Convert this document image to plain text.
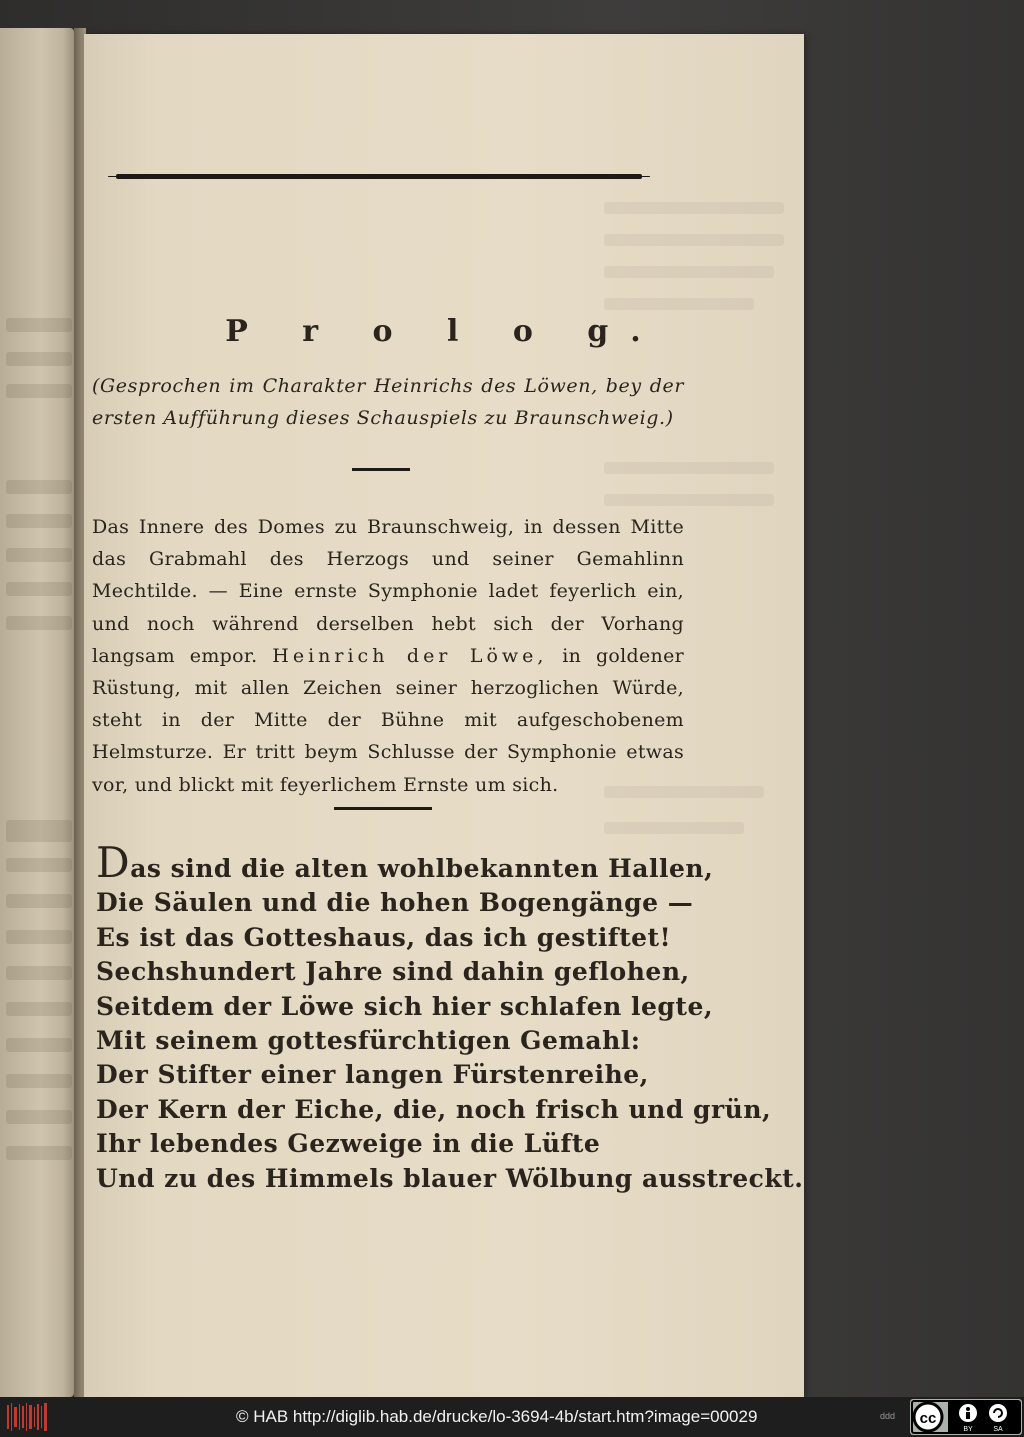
P r o l o g.
(Gesprochen im Charakter Heinrichs des Löwen, bey der ersten Aufführung dieses Schauspiels zu Braunschweig.)
Das Innere des Domes zu Braunschweig, in dessen Mitte das Grabmahl des Herzogs und seiner Gemahlinn Mechtilde. — Eine ernste Symphonie ladet feyerlich ein, und noch während derselben hebt sich der Vorhang langsam empor. Heinrich der Löwe, in goldener Rüstung, mit allen Zeichen seiner herzoglichen Würde, steht in der Mitte der Bühne mit aufgeschobenem Helmsturze. Er tritt beym Schlusse der Symphonie etwas vor, und blickt mit feyerlichem Ernste um sich.
Das sind die alten wohlbekannten Hallen,
Die Säulen und die hohen Bogengänge —
Es ist das Gotteshaus, das ich gestiftet!
Sechshundert Jahre sind dahin geflohen,
Seitdem der Löwe sich hier schlafen legte,
Mit seinem gottesfürchtigen Gemahl:
Der Stifter einer langen Fürstenreihe,
Der Kern der Eiche, die, noch frisch und grün,
Ihr lebendes Gezweige in die Lüfte
Und zu des Himmels blauer Wölbung ausstreckt.
© HAB http://diglib.hab.de/drucke/lo-3694-4b/start.htm?image=00029	ddd cc
BY	SA
